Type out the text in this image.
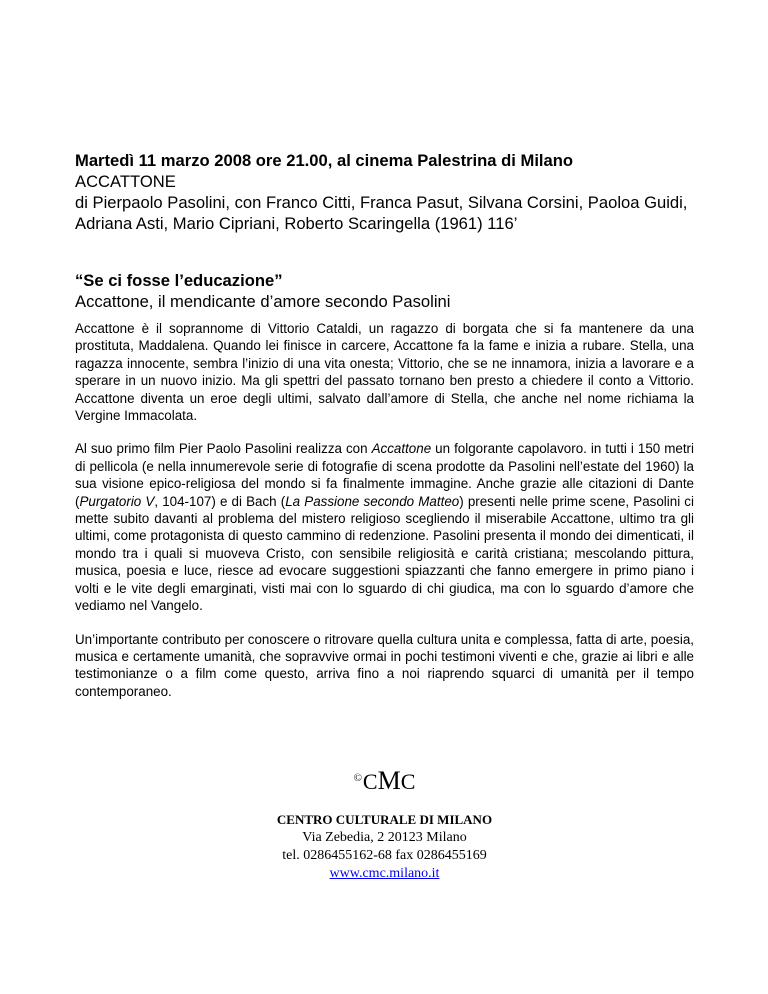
Martedì 11 marzo 2008 ore 21.00, al cinema Palestrina di Milano
ACCATTONE
di Pierpaolo Pasolini, con Franco Citti, Franca Pasut, Silvana Corsini, Paoloa Guidi, Adriana Asti, Mario Cipriani, Roberto Scaringella (1961) 116’
“Se ci fosse l’educazione”
Accattone, il mendicante d’amore secondo Pasolini

Accattone è il soprannome di Vittorio Cataldi, un ragazzo di borgata che si fa mantenere da una prostituta, Maddalena. Quando lei finisce in carcere, Accattone fa la fame e inizia a rubare. Stella, una ragazza innocente, sembra l’inizio di una vita onesta; Vittorio, che se ne innamora, inizia a lavorare e a sperare in un nuovo inizio. Ma gli spettri del passato tornano ben presto a chiedere il conto a Vittorio. Accattone diventa un eroe degli ultimi, salvato dall’amore di Stella, che anche nel nome richiama la Vergine Immacolata.

Al suo primo film Pier Paolo Pasolini realizza con Accattone un folgorante capolavoro. in tutti i 150 metri di pellicola (e nella innumerevole serie di fotografie di scena prodotte da Pasolini nell’estate del 1960) la sua visione epico-religiosa del mondo si fa finalmente immagine. Anche grazie alle citazioni di Dante (Purgatorio V, 104-107) e di Bach (La Passione secondo Matteo) presenti nelle prime scene, Pasolini ci mette subito davanti al problema del mistero religioso scegliendo il miserabile Accattone, ultimo tra gli ultimi, come protagonista di questo cammino di redenzione. Pasolini presenta il mondo dei dimenticati, il mondo tra i quali si muoveva Cristo, con sensibile religiosità e carità cristiana; mescolando pittura, musica, poesia e luce, riesce ad evocare suggestioni spiazzanti che fanno emergere in primo piano i volti e le vite degli emarginati, visti mai con lo sguardo di chi giudica, ma con lo sguardo d’amore che vediamo nel Vangelo.

Un’importante contributo per conoscere o ritrovare quella cultura unita e complessa, fatta di arte, poesia, musica e certamente umanità, che sopravvive ormai in pochi testimoni viventi e che, grazie ai libri e alle testimonianze o a film come questo, arriva fino a noi riaprendo squarci di umanità per il tempo contemporaneo.

©CMC
CENTRO CULTURALE DI MILANO
Via Zebedia, 2 20123 Milano
tel. 0286455162-68 fax 0286455169
www.cmc.milano.it
